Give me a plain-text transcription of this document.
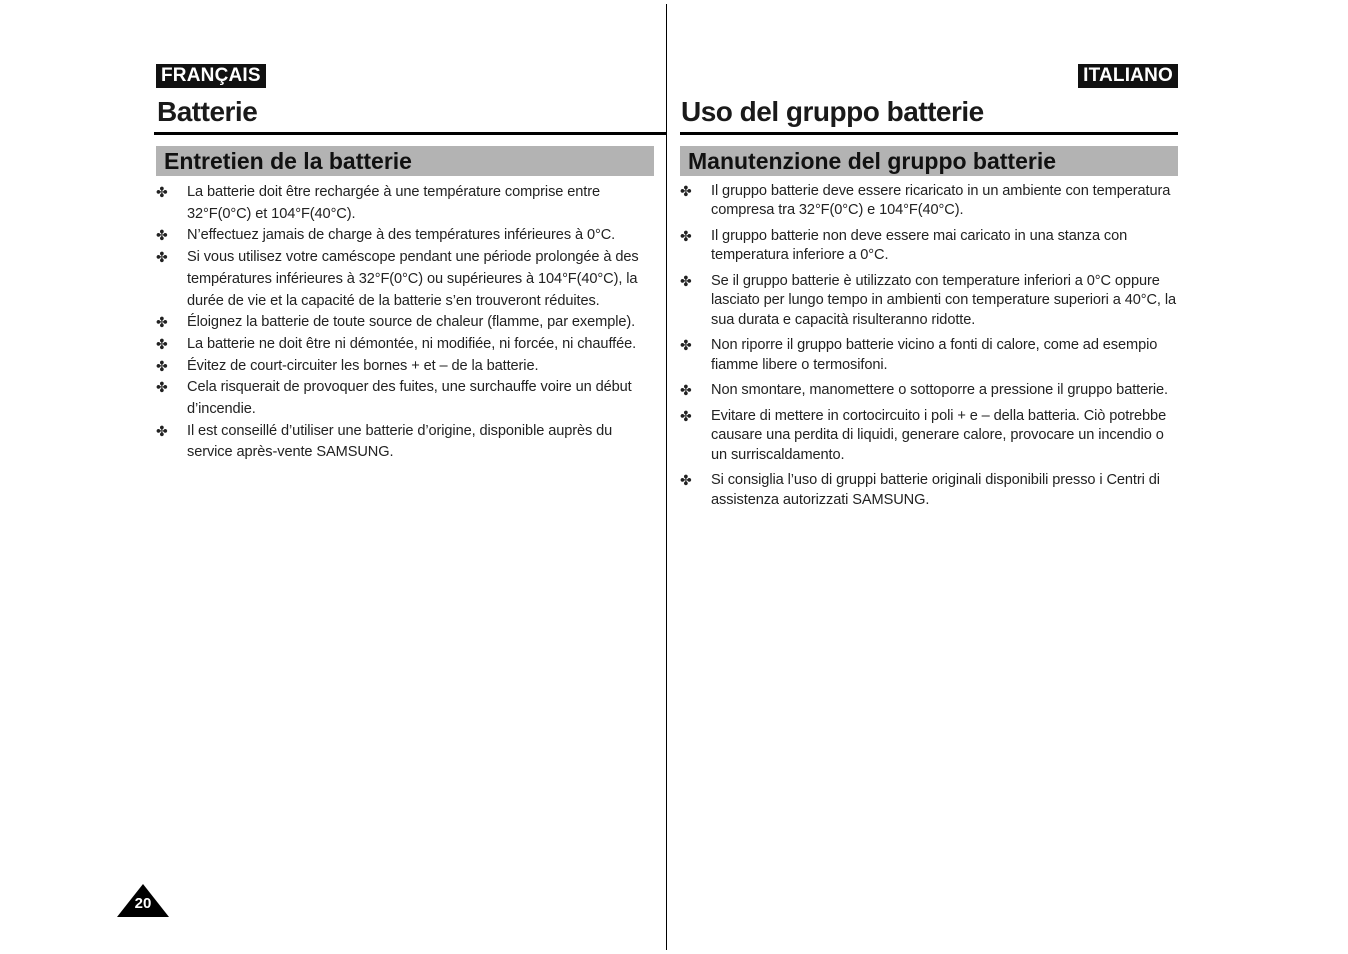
FRANÇAIS
Batterie
Entretien de la batterie
✤ La batterie doit être rechargée à une température comprise entre 32°F(0°C) et 104°F(40°C).
✤ N’effectuez jamais de charge à des températures inférieures à 0°C.
✤ Si vous utilisez votre caméscope pendant une période prolongée à des températures inférieures à 32°F(0°C) ou supérieures à 104°F(40°C), la durée de vie et la capacité de la batterie s’en trouveront réduites.
✤ Éloignez la batterie de toute source de chaleur (flamme, par exemple).
✤ La batterie ne doit être ni démontée, ni modifiée, ni forcée, ni chauffée.
✤ Évitez de court-circuiter les bornes + et – de la batterie.
✤ Cela risquerait de provoquer des fuites, une surchauffe voire un début d’incendie.
✤ Il est conseillé d’utiliser une batterie d’origine, disponible auprès du service après-vente SAMSUNG.
ITALIANO
Uso del gruppo batterie
Manutenzione del gruppo batterie
✤ Il gruppo batterie deve essere ricaricato in un ambiente con temperatura compresa tra 32°F(0°C) e 104°F(40°C).
✤ Il gruppo batterie non deve essere mai caricato in una stanza con temperatura inferiore a 0°C.
✤ Se il gruppo batterie è utilizzato con temperature inferiori a 0°C oppure lasciato per lungo tempo in ambienti con temperature superiori a 40°C, la sua durata e capacità risulteranno ridotte.
✤ Non riporre il gruppo batterie vicino a fonti di calore, come ad esempio fiamme libere o termosifoni.
✤ Non smontare, manomettere o sottoporre a pressione il gruppo batterie.
✤ Evitare di mettere in cortocircuito i poli + e – della batteria. Ciò potrebbe causare una perdita di liquidi, generare calore, provocare un incendio o un surriscaldamento.
✤ Si consiglia l’uso di gruppi batterie originali disponibili presso i Centri di assistenza autorizzati SAMSUNG.
20
